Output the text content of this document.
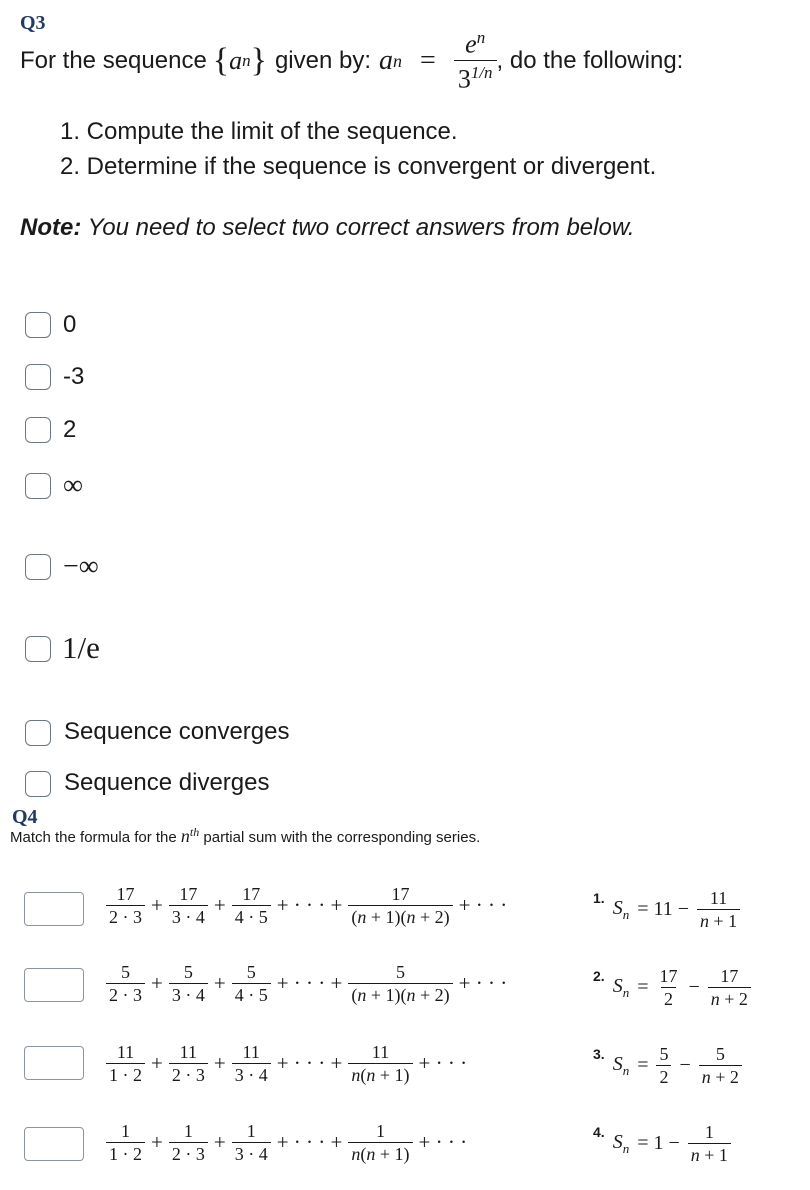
Q3
For the sequence { a n } given by: a $n = \frac{e^n}{3^{1/n}}$ , do the following:
1. Compute the limit of the sequence.
2. Determine if the sequence is convergent or divergent.
Note: You need to select two correct answers from below.
0
-3
2
∞
−∞
1/e
Sequence converges
Sequence diverges
Q4
Match the formula for the $n^{th}$ partial sum with the corresponding series.
$\frac{17}{2 \cdot 3} + \frac{17}{3 \cdot 4} + \frac{17}{4 \cdot 5}$ + · · · + $\frac{17}{(n + 1)(n + 2)}$ + · · ·
$\frac{5}{2 \cdot 3} + \frac{5}{3 \cdot 4} + \frac{5}{4 \cdot 5}$ + · · · + $\frac{5}{(n + 1)(n + 2)}$ + · · ·
$\frac{11}{1 \cdot 2} + \frac{11}{2 \cdot 3} + \frac{11}{3 \cdot 4}$ + · · · + $\frac{11}{n(n + 1)}$ + · · ·
$\frac{1}{1 \cdot 2} + \frac{1}{2 \cdot 3} + \frac{1}{3 \cdot 4}$ + · · · + $\frac{1}{n(n + 1)}$ + · · ·
1. $S_n = 11 - \frac{11}{n + 1}$
2. $S_n = \frac{17}{2} - \frac{17}{n + 2}$
3. $S_n = \frac{5}{2} - \frac{5}{n + 2}$
4. $S_n = 1 - \frac{1}{n + 1}$
